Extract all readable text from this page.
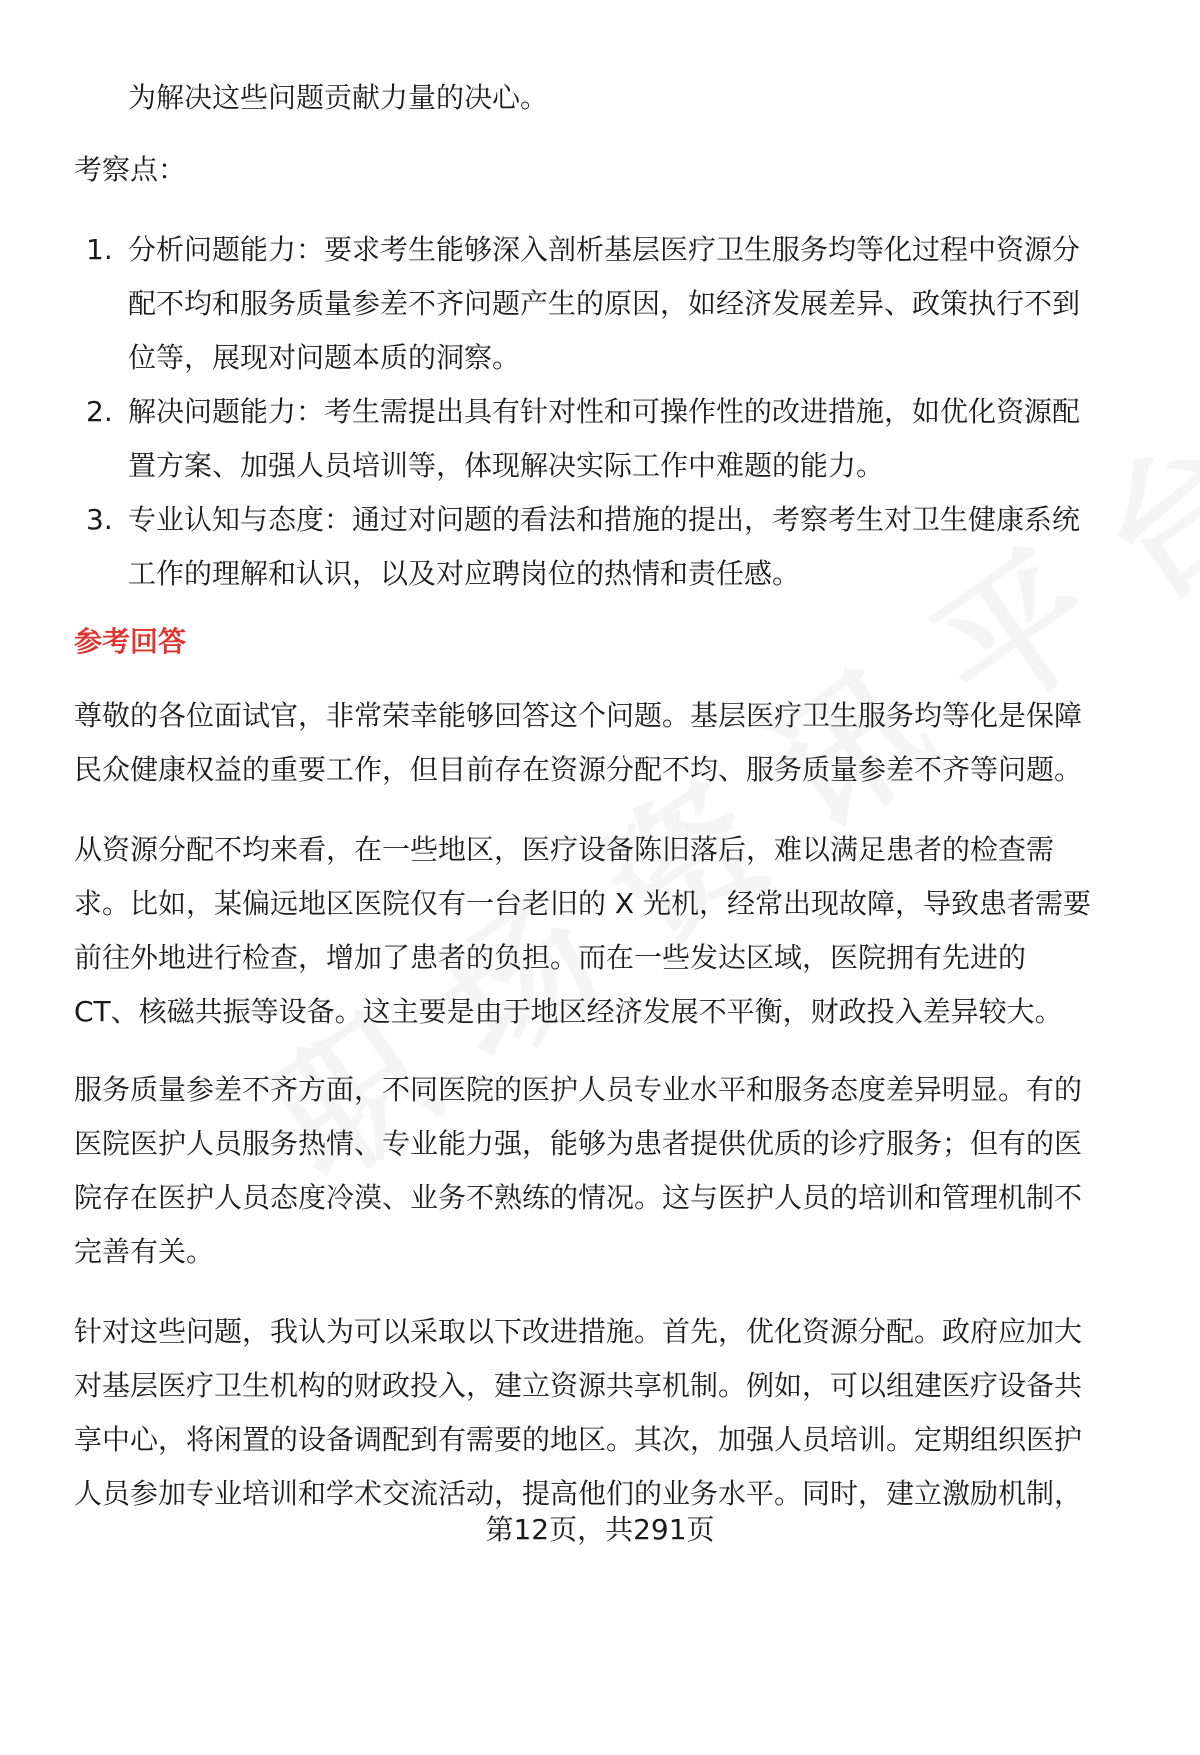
为解决这些问题贡献力量的决心。
考察点：
1. 分析问题能力：要求考生能够深入剖析基层医疗卫生服务均等化过程中资源分
配不均和服务质量参差不齐问题产生的原因，如经济发展差异、政策执行不到
位等，展现对问题本质的洞察。
2. 解决问题能力：考生需提出具有针对性和可操作性的改进措施，如优化资源配
置方案、加强人员培训等，体现解决实际工作中难题的能力。
3. 专业认知与态度：通过对问题的看法和措施的提出，考察考生对卫生健康系统
工作的理解和认识，以及对应聘岗位的热情和责任感。
参考回答
尊敬的各位面试官，非常荣幸能够回答这个问题。基层医疗卫生服务均等化是保障
民众健康权益的重要工作，但目前存在资源分配不均、服务质量参差不齐等问题。
从资源分配不均来看，在一些地区，医疗设备陈旧落后，难以满足患者的检查需
求。比如，某偏远地区医院仅有一台老旧的 X 光机，经常出现故障，导致患者需要
前往外地进行检查，增加了患者的负担。而在一些发达区域，医院拥有先进的
CT、核磁共振等设备。这主要是由于地区经济发展不平衡，财政投入差异较大。
服务质量参差不齐方面，不同医院的医护人员专业水平和服务态度差异明显。有的
医院医护人员服务热情、专业能力强，能够为患者提供优质的诊疗服务；但有的医
院存在医护人员态度冷漠、业务不熟练的情况。这与医护人员的培训和管理机制不
完善有关。
针对这些问题，我认为可以采取以下改进措施。首先，优化资源分配。政府应加大
对基层医疗卫生机构的财政投入，建立资源共享机制。例如，可以组建医疗设备共
享中心，将闲置的设备调配到有需要的地区。其次，加强人员培训。定期组织医护
人员参加专业培训和学术交流活动，提高他们的业务水平。同时，建立激励机制，
第12页，共291页
